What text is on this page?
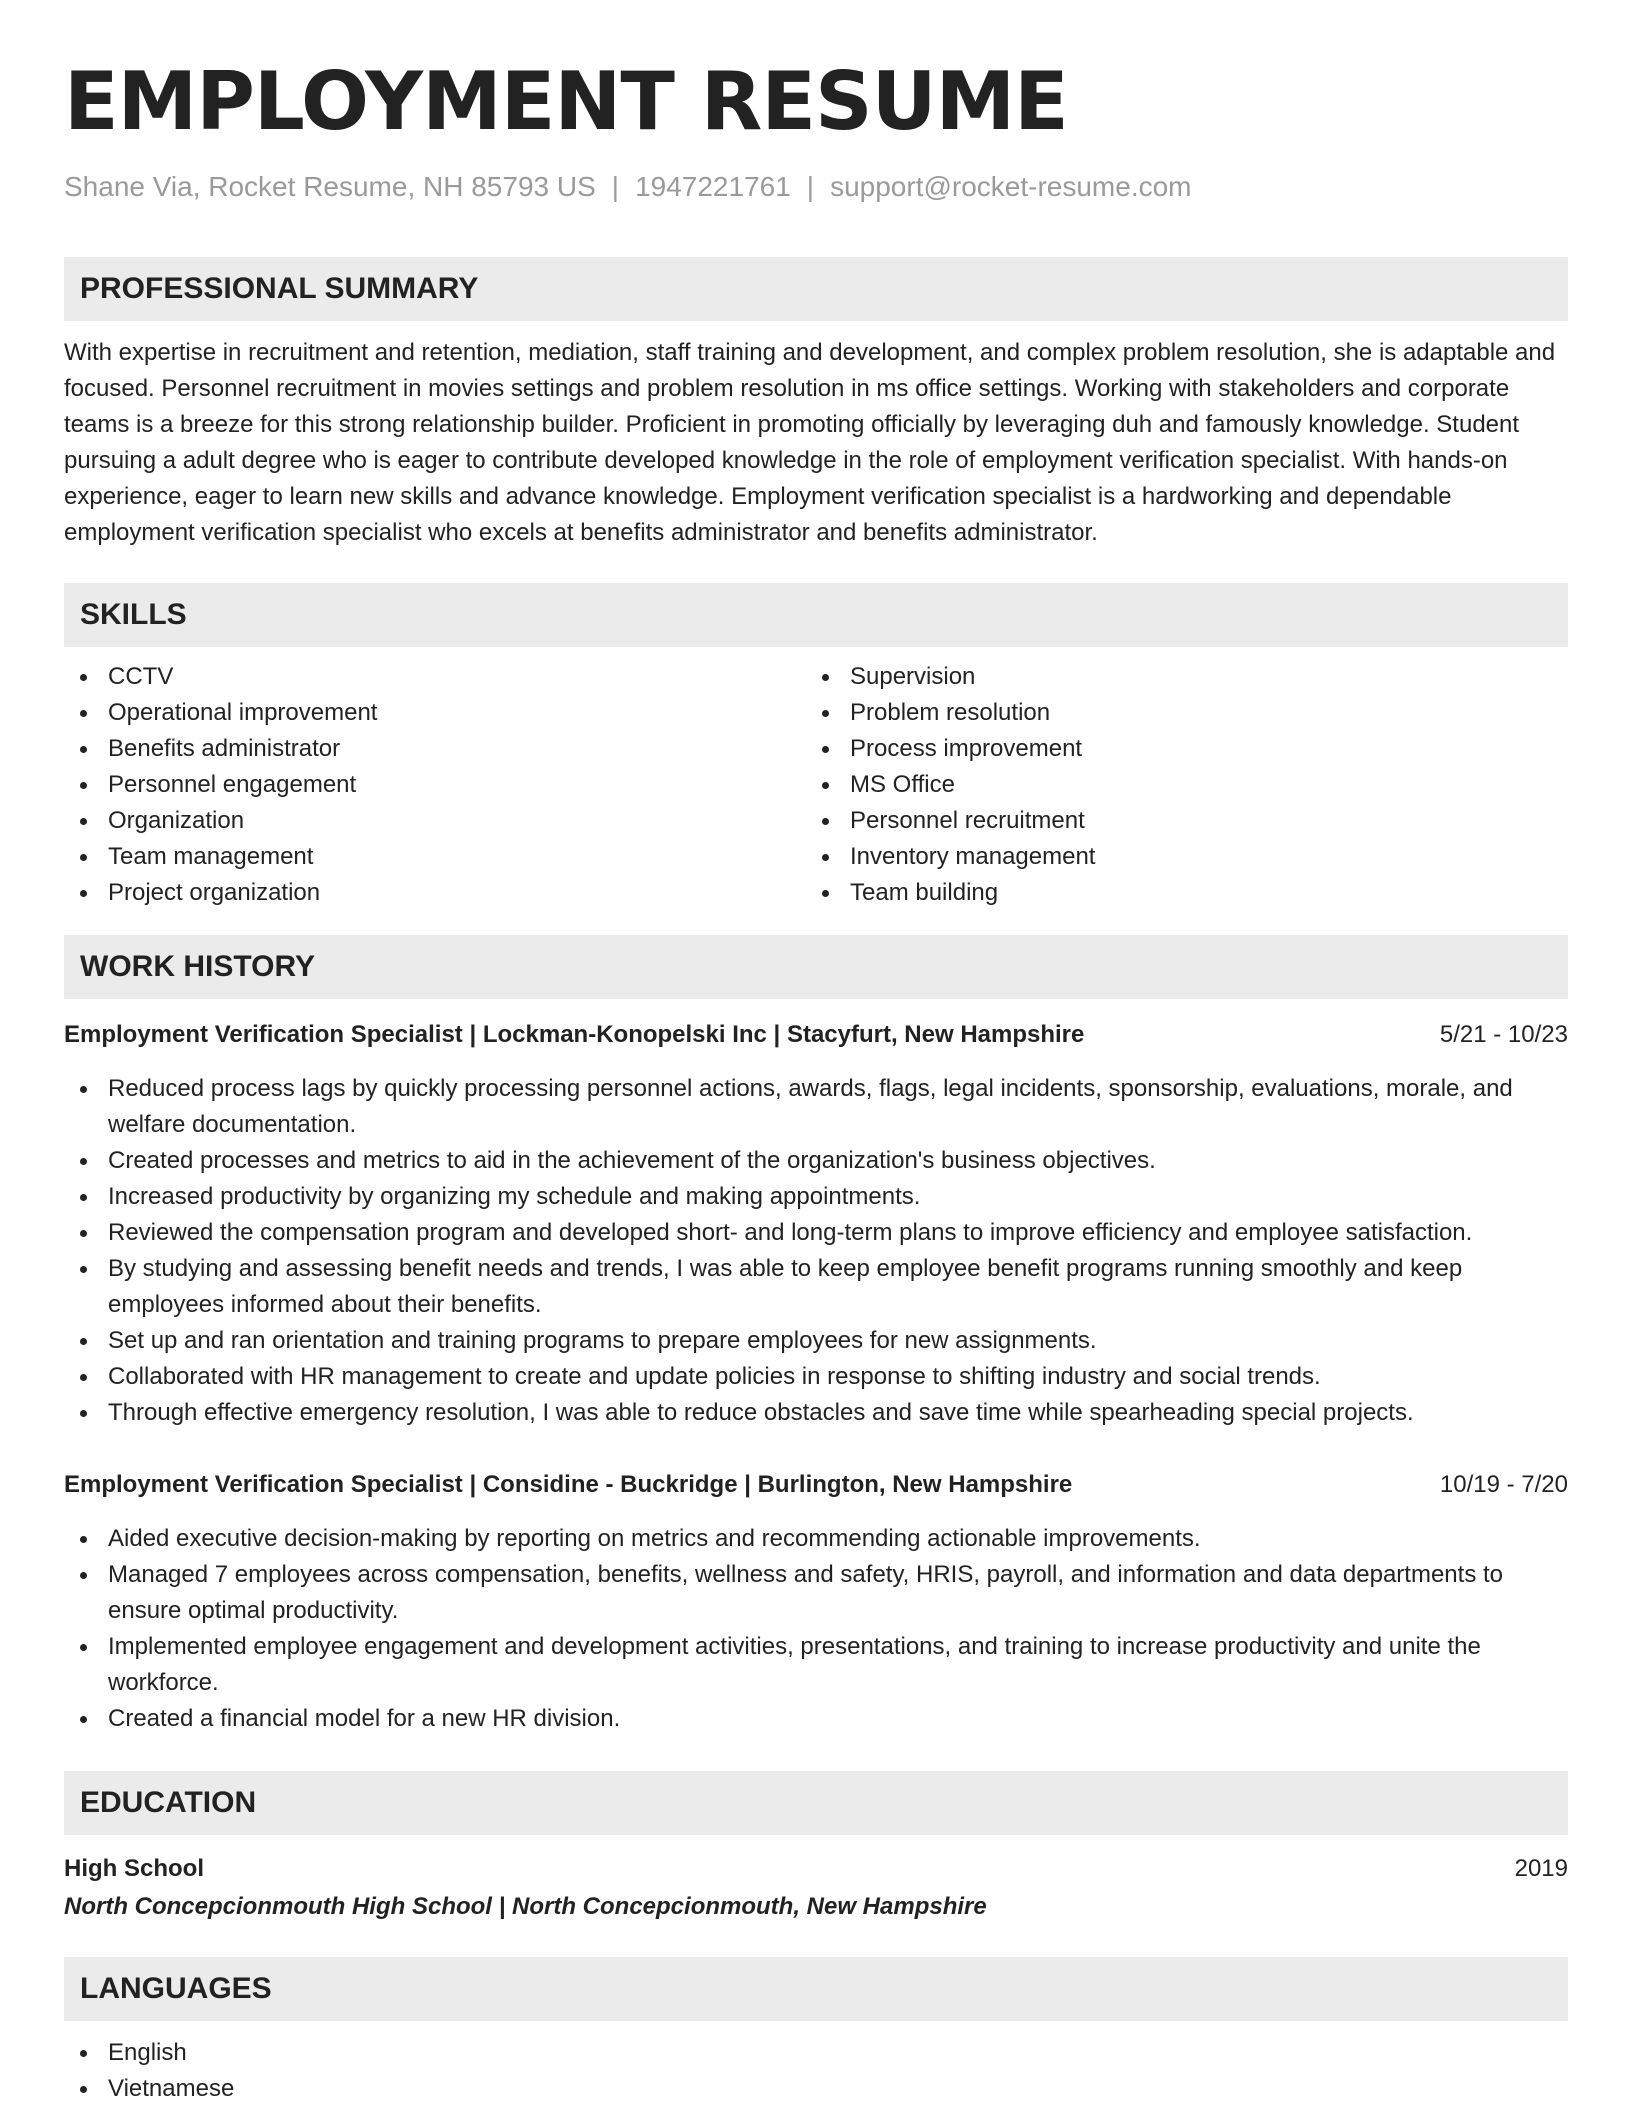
EMPLOYMENT RESUME
Shane Via, Rocket Resume, NH 85793 US | 1947221761 | support@rocket-resume.com
PROFESSIONAL SUMMARY
With expertise in recruitment and retention, mediation, staff training and development, and complex problem resolution, she is adaptable and focused. Personnel recruitment in movies settings and problem resolution in ms office settings. Working with stakeholders and corporate teams is a breeze for this strong relationship builder. Proficient in promoting officially by leveraging duh and famously knowledge. Student pursuing a adult degree who is eager to contribute developed knowledge in the role of employment verification specialist. With hands-on experience, eager to learn new skills and advance knowledge. Employment verification specialist is a hardworking and dependable employment verification specialist who excels at benefits administrator and benefits administrator.
SKILLS
CCTV
Operational improvement
Benefits administrator
Personnel engagement
Organization
Team management
Project organization
Supervision
Problem resolution
Process improvement
MS Office
Personnel recruitment
Inventory management
Team building
WORK HISTORY
Employment Verification Specialist | Lockman-Konopelski Inc | Stacyfurt, New Hampshire	5/21 - 10/23
Reduced process lags by quickly processing personnel actions, awards, flags, legal incidents, sponsorship, evaluations, morale, and welfare documentation.
Created processes and metrics to aid in the achievement of the organization's business objectives.
Increased productivity by organizing my schedule and making appointments.
Reviewed the compensation program and developed short- and long-term plans to improve efficiency and employee satisfaction.
By studying and assessing benefit needs and trends, I was able to keep employee benefit programs running smoothly and keep employees informed about their benefits.
Set up and ran orientation and training programs to prepare employees for new assignments.
Collaborated with HR management to create and update policies in response to shifting industry and social trends.
Through effective emergency resolution, I was able to reduce obstacles and save time while spearheading special projects.
Employment Verification Specialist | Considine - Buckridge | Burlington, New Hampshire	10/19 - 7/20
Aided executive decision-making by reporting on metrics and recommending actionable improvements.
Managed 7 employees across compensation, benefits, wellness and safety, HRIS, payroll, and information and data departments to ensure optimal productivity.
Implemented employee engagement and development activities, presentations, and training to increase productivity and unite the workforce.
Created a financial model for a new HR division.
EDUCATION
High School	2019
North Concepcionmouth High School | North Concepcionmouth, New Hampshire
LANGUAGES
English
Vietnamese
